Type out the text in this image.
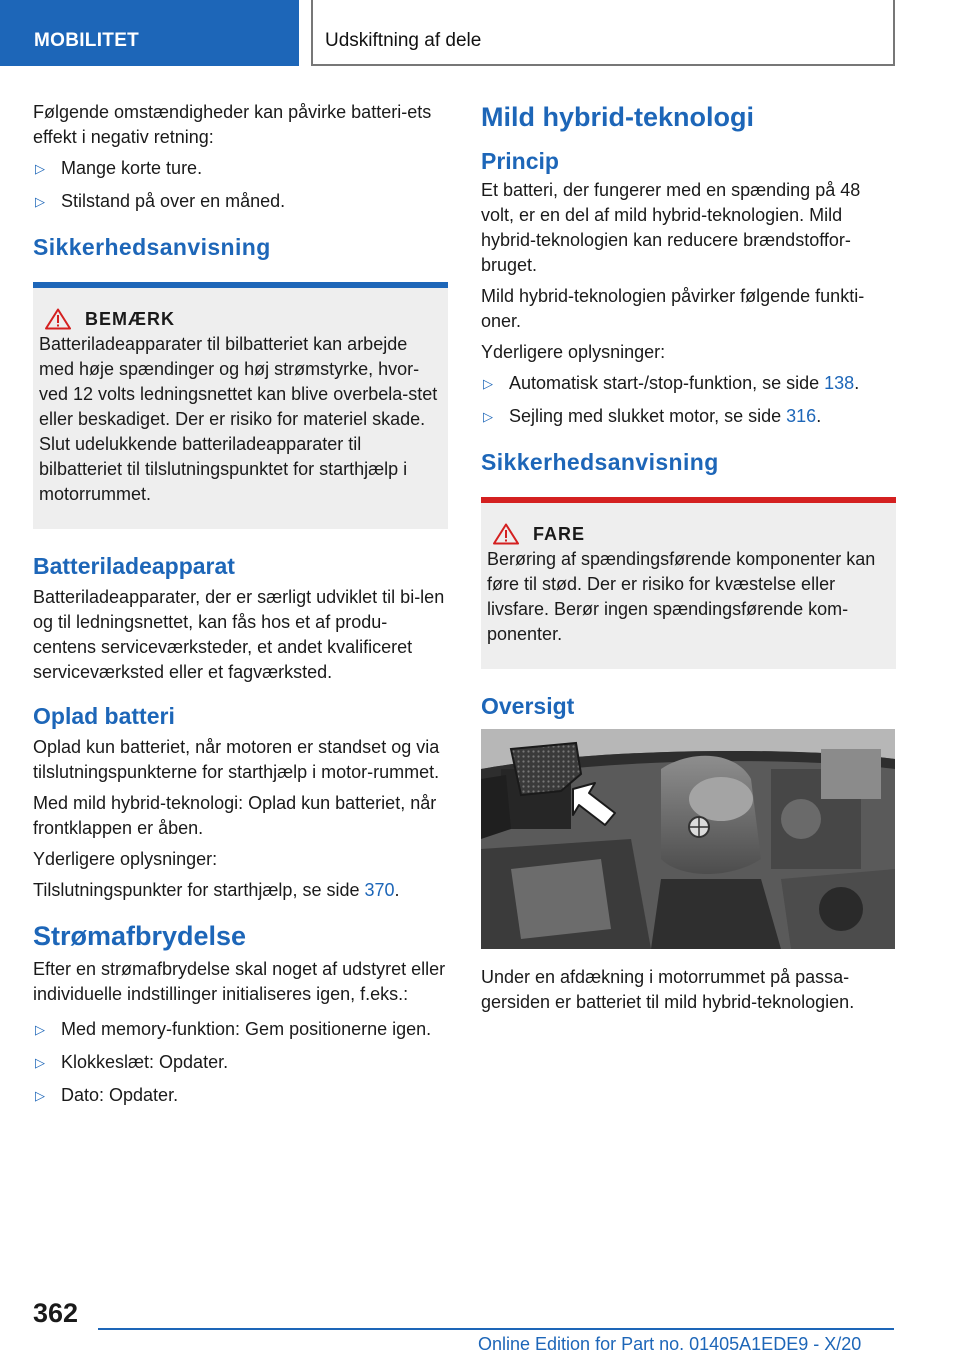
MOBILITET	Udskiftning af dele

Følgende omstændigheder kan påvirke batteri-ets effekt i negativ retning:

▷ Mange korte ture.
▷ Stilstand på over en måned.
Sikkerhedsanvisning
BEMÆRK

Batteriladeapparater til bilbatteriet kan arbejde med høje spændinger og høj strømstyrke, hvor-ved 12 volts ledningsnettet kan blive overbela-stet eller beskadiget. Der er risiko for materiel skade. Slut udelukkende batteriladeapparater til bilbatteriet til tilslutningspunktet for starthjælp i motorrummet.

Batteriladeapparat

Batteriladeapparater, der er særligt udviklet til bi-len og til ledningsnettet, kan fås hos et af produ-centens serviceværksteder, et andet kvalificeret serviceværksted eller et fagværksted.

Oplad batteri

Oplad kun batteriet, når motoren er standset og via tilslutningspunkterne for starthjælp i motor-rummet.

Med mild hybrid-teknologi: Oplad kun batteriet, når frontklappen er åben.

Yderligere oplysninger:

Tilslutningspunkter for starthjælp, se side 370.

Strømafbrydelse

Efter en strømafbrydelse skal noget af udstyret eller individuelle indstillinger initialiseres igen, f.eks.:

▷ Med memory-funktion: Gem positionerne igen.
▷ Klokkeslæt: Opdater.
▷ Dato: Opdater.
Mild hybrid-teknologi
Princip

Et batteri, der fungerer med en spænding på 48 volt, er en del af mild hybrid-teknologien. Mild hybrid-teknologien kan reducere brændstoffor-bruget.

Mild hybrid-teknologien påvirker følgende funkti-oner.

Yderligere oplysninger:

▷ Automatisk start-/stop-funktion, se side 138.
▷ Sejling med slukket motor, se side 316.
Sikkerhedsanvisning
FARE

Berøring af spændingsførende komponenter kan føre til stød. Der er risiko for kvæstelse eller livsfare. Berør ingen spændingsførende kom-ponenter.

Oversigt

Under en afdækning i motorrummet på passa-gersiden er batteriet til mild hybrid-teknologien.

362
Online Edition for Part no. 01405A1EDE9 - X/20
